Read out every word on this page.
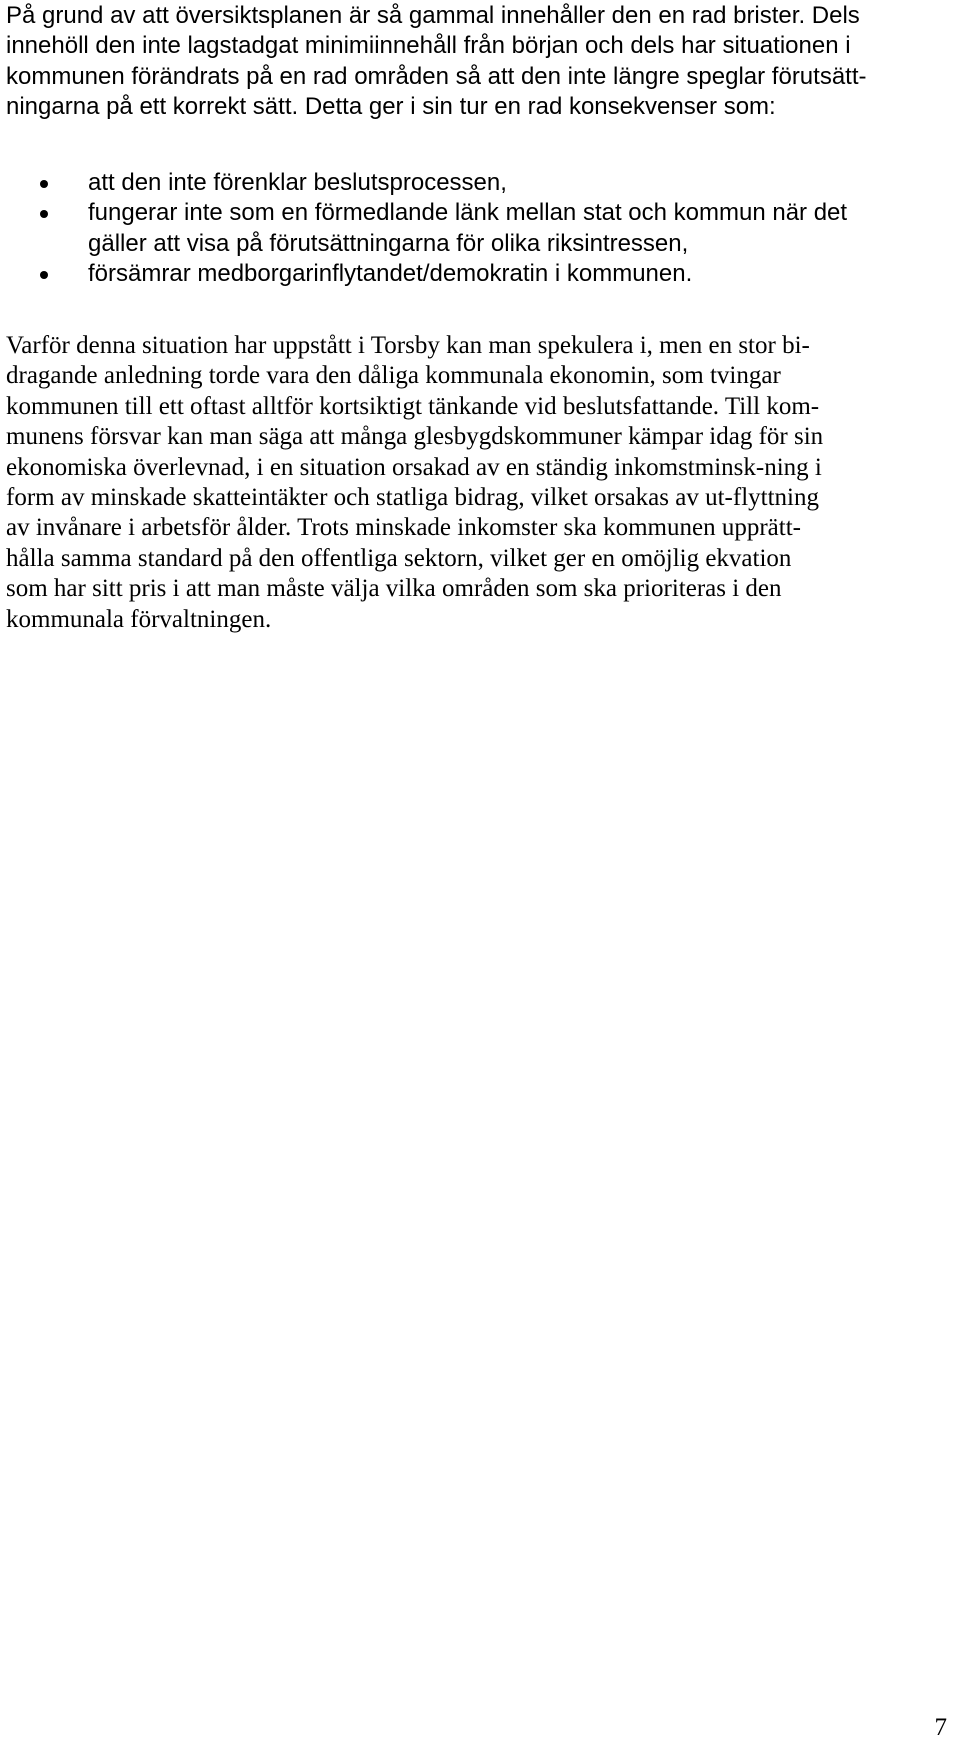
På grund av att översiktsplanen är så gammal innehåller den en rad brister. Dels
innehöll den inte lagstadgat minimiinnehåll från början och dels har situationen i
kommunen förändrats på en rad områden så att den inte längre speglar förutsätt-
ningarna på ett korrekt sätt. Detta ger i sin tur en rad konsekvenser som:
att den inte förenklar beslutsprocessen,
fungerar inte som en förmedlande länk mellan stat och kommun när det
gäller att visa på förutsättningarna för olika riksintressen,
försämrar medborgarinflytandet/demokratin i kommunen.
Varför denna situation har uppstått i Torsby kan man spekulera i, men en stor bi-
dragande anledning torde vara den dåliga kommunala ekonomin, som tvingar
kommunen till ett oftast alltför kortsiktigt tänkande vid beslutsfattande. Till kom-
munens försvar kan man säga att många glesbygdskommuner kämpar idag för sin
ekonomiska överlevnad, i en situation orsakad av en ständig inkomstminsk-ning i
form av minskade skatteintäkter och statliga bidrag, vilket orsakas av ut-flyttning
av invånare i arbetsför ålder. Trots minskade inkomster ska kommunen upprätt-
hålla samma standard på den offentliga sektorn, vilket ger en omöjlig ekvation
som har sitt pris i att man måste välja vilka områden som ska prioriteras i den
kommunala förvaltningen.
7
